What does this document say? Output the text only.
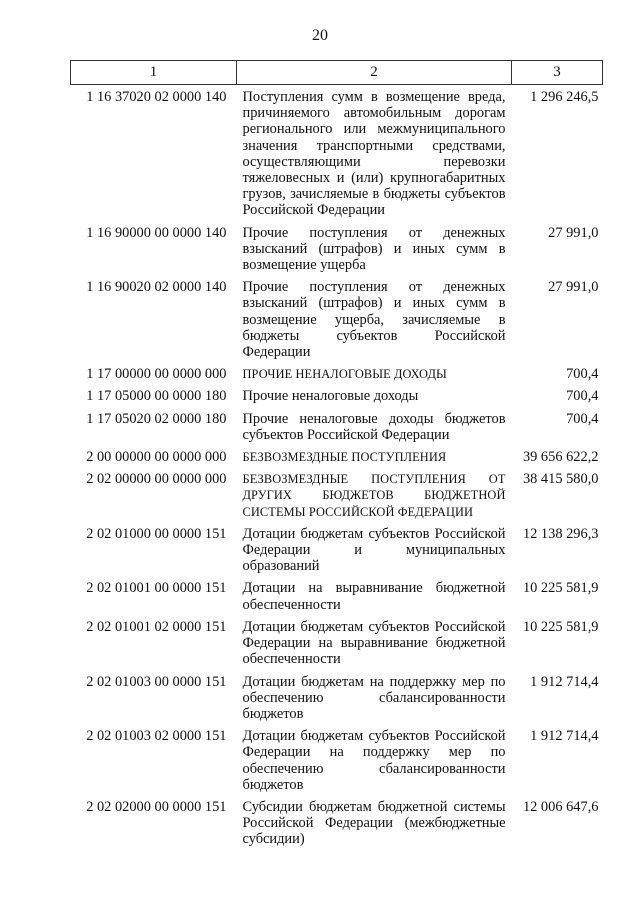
20
1	2	3
1 16 37020 02 0000 140	Поступления сумм в возмещение вреда, причиняемого автомобильным дорогам регионального или межмуниципального значения транспортными средствами, осуществляющими перевозки тяжеловесных и (или) крупногабаритных грузов, зачисляемые в бюджеты субъектов Российской Федерации	1 296 246,5
1 16 90000 00 0000 140	Прочие поступления от денежных взысканий (штрафов) и иных сумм в возмещение ущерба	27 991,0
1 16 90020 02 0000 140	Прочие поступления от денежных взысканий (штрафов) и иных сумм в возмещение ущерба, зачисляемые в бюджеты субъектов Российской Федерации	27 991,0
1 17 00000 00 0000 000	ПРОЧИЕ НЕНАЛОГОВЫЕ ДОХОДЫ	700,4
1 17 05000 00 0000 180	Прочие неналоговые доходы	700,4
1 17 05020 02 0000 180	Прочие неналоговые доходы бюджетов субъектов Российской Федерации	700,4
2 00 00000 00 0000 000	БЕЗВОЗМЕЗДНЫЕ ПОСТУПЛЕНИЯ	39 656 622,2
2 02 00000 00 0000 000	БЕЗВОЗМЕЗДНЫЕ ПОСТУПЛЕНИЯ ОТ ДРУГИХ БЮДЖЕТОВ БЮДЖЕТНОЙ СИСТЕМЫ РОССИЙСКОЙ ФЕДЕРАЦИИ	38 415 580,0
2 02 01000 00 0000 151	Дотации бюджетам субъектов Российской Федерации и муниципальных образований	12 138 296,3
2 02 01001 00 0000 151	Дотации на выравнивание бюджетной обеспеченности	10 225 581,9
2 02 01001 02 0000 151	Дотации бюджетам субъектов Российской Федерации на выравнивание бюджетной обеспеченности	10 225 581,9
2 02 01003 00 0000 151	Дотации бюджетам на поддержку мер по обеспечению сбалансированности бюджетов	1 912 714,4
2 02 01003 02 0000 151	Дотации бюджетам субъектов Российской Федерации на поддержку мер по обеспечению сбалансированности бюджетов	1 912 714,4
2 02 02000 00 0000 151	Субсидии бюджетам бюджетной системы Российской Федерации (межбюджетные субсидии)	12 006 647,6
